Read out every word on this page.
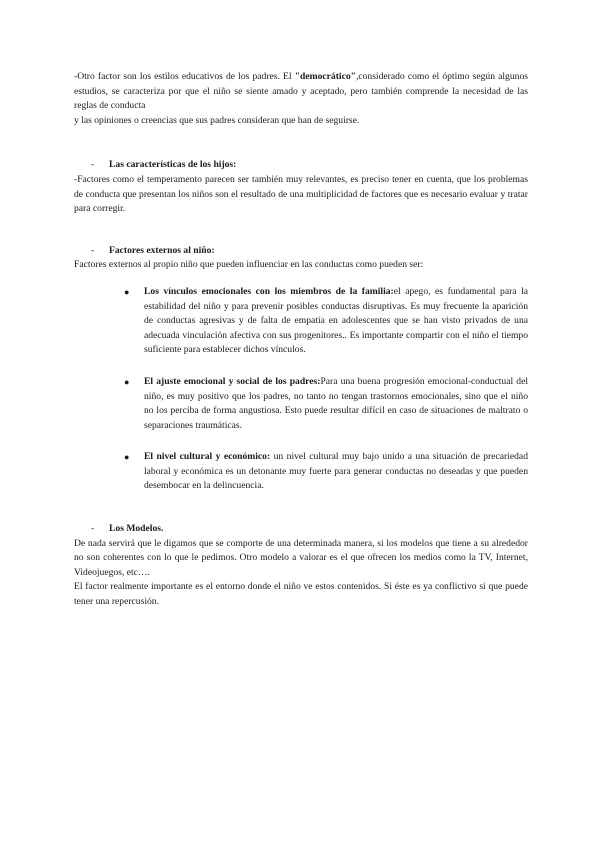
-Otro factor son los estilos educativos de los padres. El "democrático",considerado como el óptimo según algunos estudios, se caracteriza por que el niño se siente amado y aceptado, pero también comprende la necesidad de las reglas de conducta

y las opiniones o creencias que sus padres consideran que han de seguirse.

- Las características de los hijos:

-Factores como el temperamento parecen ser también muy relevantes, es preciso tener en cuenta, que los problemas de conducta que presentan los niños son el resultado de una multiplicidad de factores que es necesario evaluar y tratar para corregir.

- Factores externos al niño:

Factores externos al propio niño que pueden influenciar en las conductas como pueden ser:

● Los vínculos emocionales con los miembros de la familia:el apego, es fundamental para la estabilidad del niño y para prevenir posibles conductas disruptivas. Es muy frecuente la aparición de conductas agresivas y de falta de empatía en adolescentes que se han visto privados de una adecuada vinculación afectiva con sus progenitores.. Es importante compartir con el niño el tiempo suficiente para establecer dichos vínculos.
● El ajuste emocional y social de los padres:Para una buena progresión emocional-conductual del niño, es muy positivo que los padres, no tanto no tengan trastornos emocionales, sino que el niño no los perciba de forma angustiosa. Esto puede resultar difícil en caso de situaciones de maltrato o separaciones traumáticas.
● El nivel cultural y económico: un nivel cultural muy bajo unido a una situación de precariedad laboral y económica es un detonante muy fuerte para generar conductas no deseadas y que pueden desembocar en la delincuencia.
- Los Modelos.

De nada servirá que le digamos que se comporte de una determinada manera, si los modelos que tiene a su alrededor no son coherentes con lo que le pedimos. Otro modelo a valorar es el que ofrecen los medios como la TV, Internet, Videojuegos, etc….

El factor realmente importante es el entorno donde el niño ve estos contenidos. Si éste es ya conflictivo sí que puede tener una repercusión.
